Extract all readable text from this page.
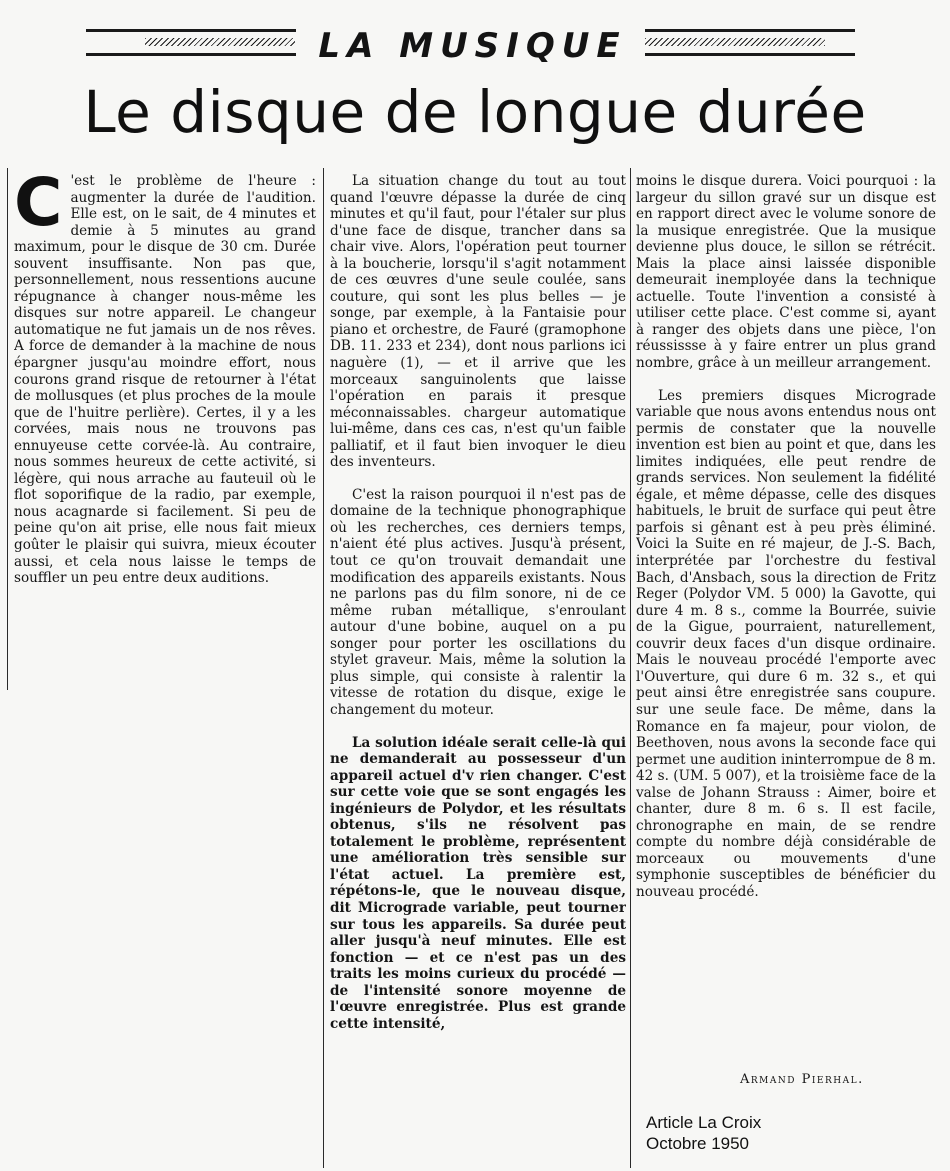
LA MUSIQUE
Le disque de longue durée

C 'est le problème de l'heure : augmenter la durée de l'audition. Elle est, on le sait, de 4 minutes et demie à 5 minutes au grand maximum, pour le disque de 30 cm. Durée souvent insuffisante. Non pas que, personnellement, nous ressentions aucune répugnance à changer nous-même les disques sur notre appareil. Le changeur automatique ne fut jamais un de nos rêves. A force de demander à la machine de nous épargner jusqu'au moindre effort, nous courons grand risque de retourner à l'état de mollusques (et plus proches de la moule que de l'huitre perlière). Certes, il y a les corvées, mais nous ne trouvons pas ennuyeuse cette corvée-là. Au contraire, nous sommes heureux de cette activité, si légère, qui nous arrache au fauteuil où le flot soporifique de la radio, par exemple, nous acagnarde si facilement. Si peu de peine qu'on ait prise, elle nous fait mieux goûter le plaisir qui suivra, mieux écouter aussi, et cela nous laisse le temps de souffler un peu entre deux auditions.

La situation change du tout au tout quand l'œuvre dépasse la durée de cinq minutes et qu'il faut, pour l'étaler sur plus d'une face de disque, trancher dans sa chair vive. Alors, l'opération peut tourner à la boucherie, lorsqu'il s'agit notamment de ces œuvres d'une seule coulée, sans couture, qui sont les plus belles — je songe, par exemple, à la Fantaisie pour piano et orchestre, de Fauré (gramophone DB. 11. 233 et 234), dont nous parlions ici naguère (1), — et il arrive que les morceaux sanguinolents que laisse l'opération en parais it presque méconnaissables. chargeur automatique lui-même, dans ces cas, n'est qu'un faible palliatif, et il faut bien invoquer le dieu des inventeurs.

C'est la raison pourquoi il n'est pas de domaine de la technique phonographique où les recherches, ces derniers temps, n'aient été plus actives. Jusqu'à présent, tout ce qu'on trouvait demandait une modification des appareils existants. Nous ne parlons pas du film sonore, ni de ce même ruban métallique, s'enroulant autour d'une bobine, auquel on a pu songer pour porter les oscillations du stylet graveur. Mais, même la solution la plus simple, qui consiste à ralentir la vitesse de rotation du disque, exige le changement du moteur.

La solution idéale serait celle-là qui ne demanderait au possesseur d'un appareil actuel d'v rien changer. C'est sur cette voie que se sont engagés les ingénieurs de Polydor, et les résultats obtenus, s'ils ne résolvent pas totalement le problème, représentent une amélioration très sensible sur l'état actuel. La première est, répétons-le, que le nouveau disque, dit Micrograde variable, peut tourner sur tous les appareils. Sa durée peut aller jusqu'à neuf minutes. Elle est fonction — et ce n'est pas un des traits les moins curieux du procédé — de l'intensité sonore moyenne de l'œuvre enregistrée. Plus est grande cette intensité,

moins le disque durera. Voici pourquoi : la largeur du sillon gravé sur un disque est en rapport direct avec le volume sonore de la musique enregistrée. Que la musique devienne plus douce, le sillon se rétrécit. Mais la place ainsi laissée disponible demeurait inemployée dans la technique actuelle. Toute l'invention a consisté à utiliser cette place. C'est comme si, ayant à ranger des objets dans une pièce, l'on réussissse à y faire entrer un plus grand nombre, grâce à un meilleur arrangement.

Les premiers disques Micrograde variable que nous avons entendus nous ont permis de constater que la nouvelle invention est bien au point et que, dans les limites indiquées, elle peut rendre de grands services. Non seulement la fidélité égale, et même dépasse, celle des disques habituels, le bruit de surface qui peut être parfois si gênant est à peu près éliminé. Voici la Suite en ré majeur, de J.-S. Bach, interprétée par l'orchestre du festival Bach, d'Ansbach, sous la direction de Fritz Reger (Polydor VM. 5 000) la Gavotte, qui dure 4 m. 8 s., comme la Bourrée, suivie de la Gigue, pourraient, naturellement, couvrir deux faces d'un disque ordinaire. Mais le nouveau procédé l'emporte avec l'Ouverture, qui dure 6 m. 32 s., et qui peut ainsi être enregistrée sans coupure. sur une seule face. De même, dans la Romance en fa majeur, pour violon, de Beethoven, nous avons la seconde face qui permet une audition ininterrompue de 8 m. 42 s. (UM. 5 007), et la troisième face de la valse de Johann Strauss : Aimer, boire et chanter, dure 8 m. 6 s. Il est facile, chronographe en main, de se rendre compte du nombre déjà considérable de morceaux ou mouvements d'une symphonie susceptibles de bénéficier du nouveau procédé.

Armand Pierhal.
Article La Croix
Octobre 1950
